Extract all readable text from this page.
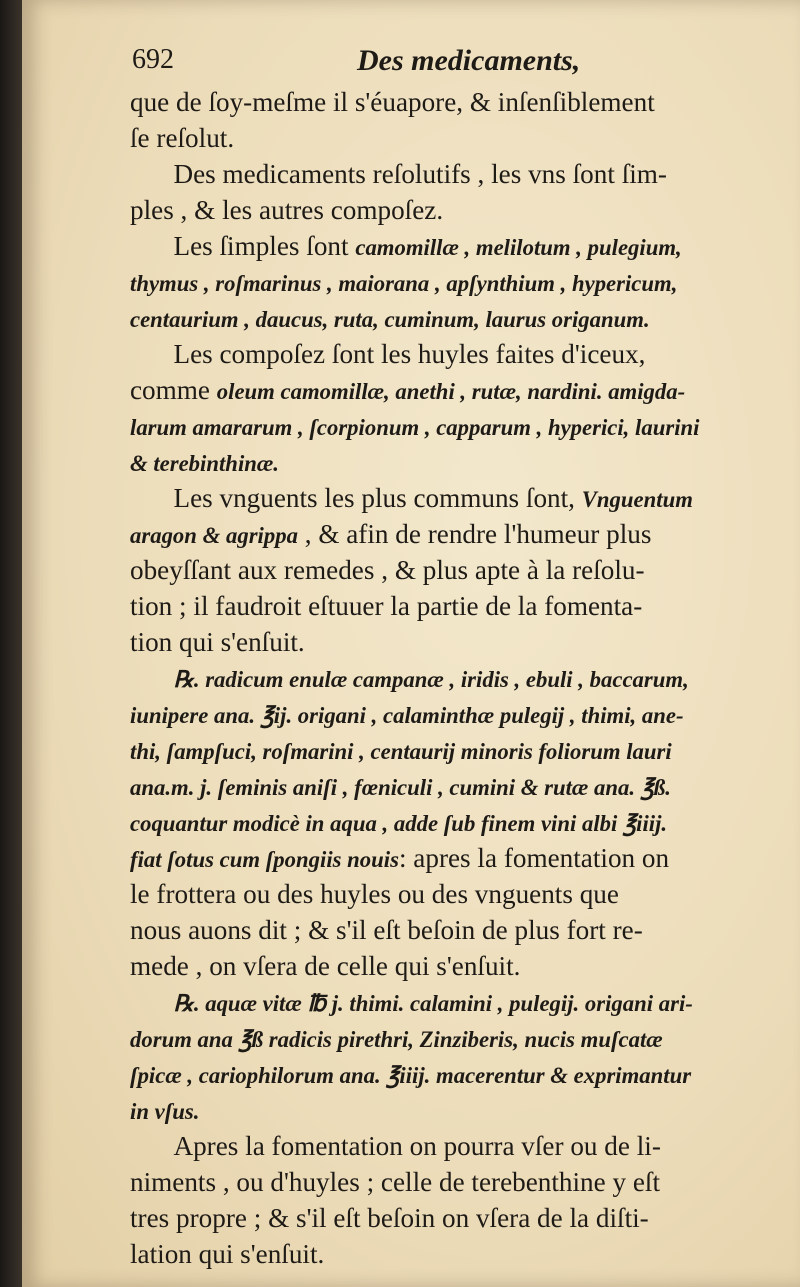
692	Des medicaments,
que de ſoy-meſme il s'éuapore, & inſenſiblement
ſe reſolut.
Des medicaments reſolutifs , les vns ſont ſim-
ples , & les autres compoſez.
Les ſimples ſont camomillæ , melilotum , pulegium,
thymus , roſmarinus , maiorana , apſynthium , hypericum,
centaurium , daucus, ruta, cuminum, laurus origanum.
Les compoſez ſont les huyles faites d'iceux,
comme oleum camomillæ, anethi , rutæ, nardini. amigda-
larum amararum , ſcorpionum , capparum , hyperici, laurini
& terebinthinæ.
Les vnguents les plus communs ſont, Vnguentum
aragon & agrippa , & afin de rendre l'humeur plus
obeyſſant aux remedes , & plus apte à la reſolu-
tion ; il faudroit eſtuuer la partie de la fomenta-
tion qui s'enſuit.
℞. radicum enulæ campanæ , iridis , ebuli , baccarum,
iunipere ana. ℥ij. origani , calaminthæ pulegij , thimi, ane-
thi, ſampſuci, roſmarini , centaurij minoris foliorum lauri
ana.m. j. ſeminis aniſi , fœniculi , cumini & rutæ ana. ℥ß.
coquantur modicè in aqua , adde ſub finem vini albi ℥iiij.
fiat ſotus cum ſpongiis nouis: apres la fomentation on
le frottera ou des huyles ou des vnguents que
nous auons dit ; & s'il eſt beſoin de plus fort re-
mede , on vſera de celle qui s'enſuit.
℞. aquæ vitæ ℔ j. thimi. calamini , pulegij. origani ari-
dorum ana ℥ß radicis pirethri, Zinziberis, nucis muſcatæ
ſpicæ , cariophilorum ana. ℥iiij. macerentur & exprimantur
in vſus.
Apres la fomentation on pourra vſer ou de li-
niments , ou d'huyles ; celle de terebenthine y eſt
tres propre ; & s'il eſt beſoin on vſera de la diſti-
lation qui s'enſuit.
